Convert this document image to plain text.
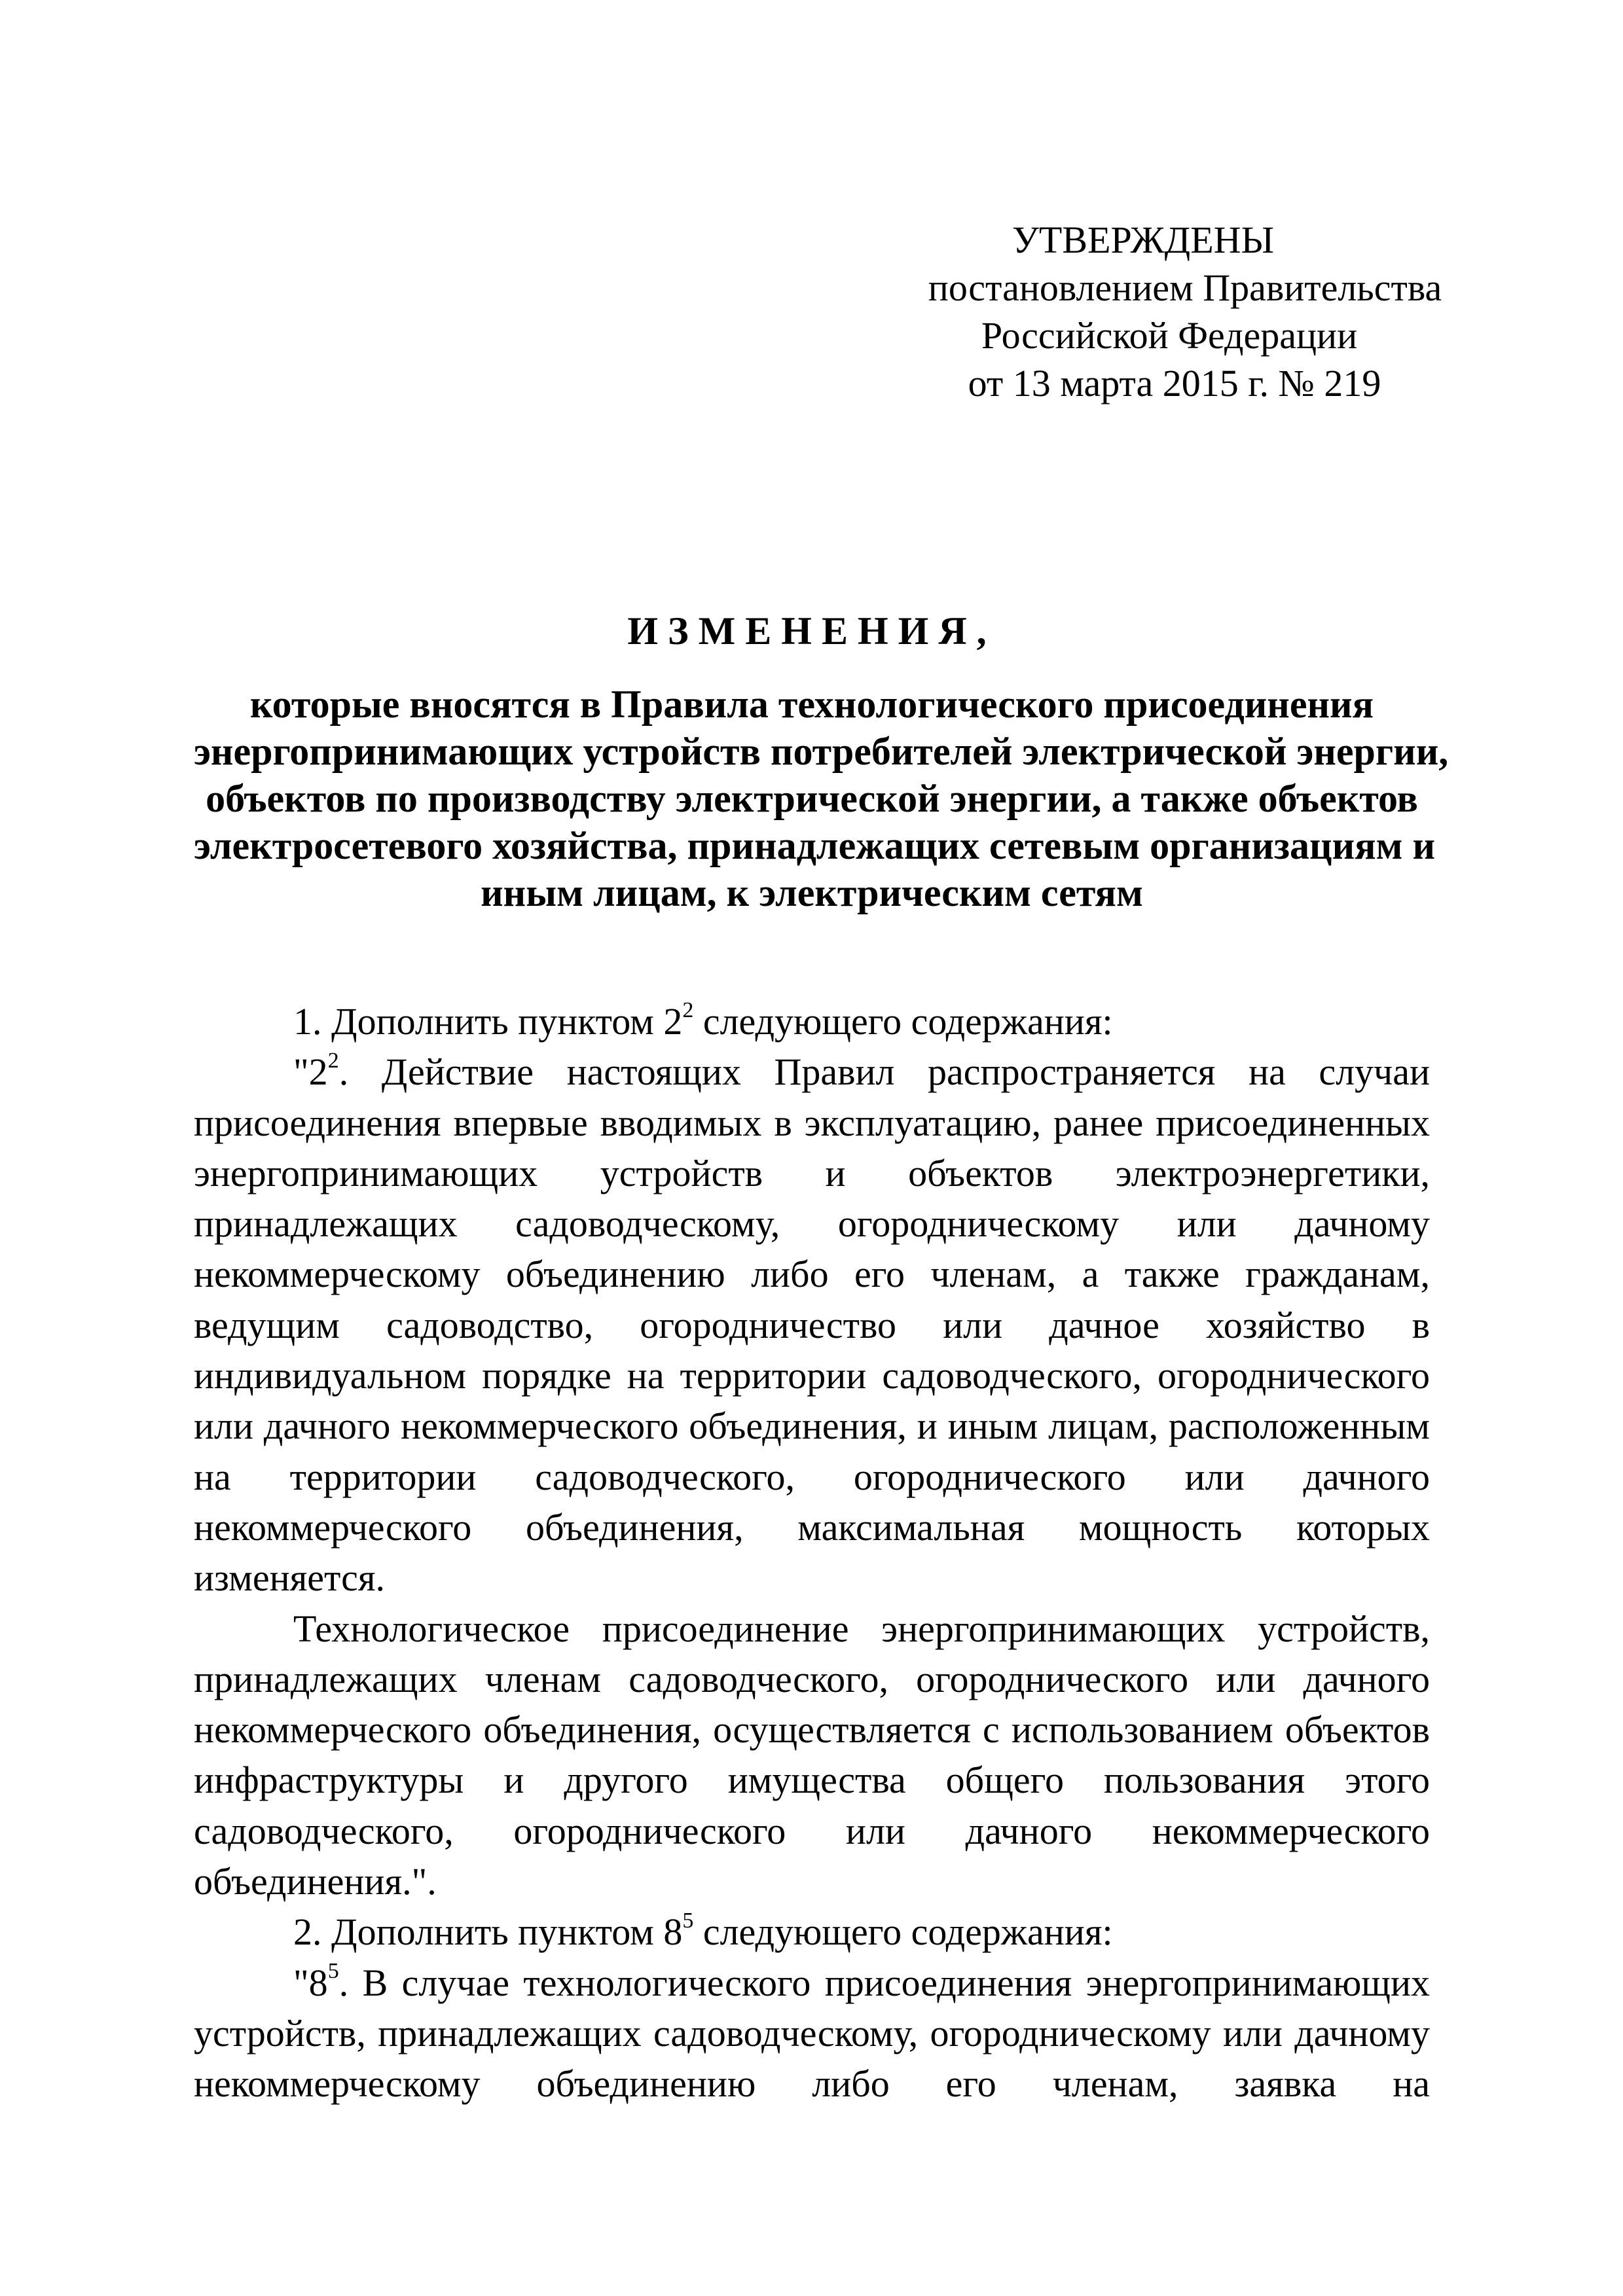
УТВЕРЖДЕНЫ
постановлением Правительства
Российской Федерации
от 13 марта 2015 г. № 219
ИЗМЕНЕНИЯ,
которые вносятся в Правила технологического присоединения
энергопринимающих устройств потребителей электрической энергии,
объектов по производству электрической энергии, а также объектов
электросетевого хозяйства, принадлежащих сетевым организациям и
иным лицам, к электрическим сетям

1. Дополнить пунктом $2^2$ следующего содержания:

"$2^2$. Действие настоящих Правил распространяется на случаи присоединения впервые вводимых в эксплуатацию, ранее присоединенных энергопринимающих устройств и объектов электроэнергетики, принадлежащих садоводческому, огородническому или дачному некоммерческому объединению либо его членам, а также гражданам, ведущим садоводство, огородничество или дачное хозяйство в индивидуальном порядке на территории садоводческого, огороднического или дачного некоммерческого объединения, и иным лицам, расположенным на территории садоводческого, огороднического или дачного некоммерческого объединения, максимальная мощность которых изменяется.

Технологическое присоединение энергопринимающих устройств, принадлежащих членам садоводческого, огороднического или дачного некоммерческого объединения, осуществляется с использованием объектов инфраструктуры и другого имущества общего пользования этого садоводческого, огороднического или дачного некоммерческого объединения.".

2. Дополнить пунктом $8^5$ следующего содержания:

"$8^5$. В случае технологического присоединения энергопринимающих устройств, принадлежащих садоводческому, огородническому или дачному некоммерческому объединению либо его членам, заявка на
